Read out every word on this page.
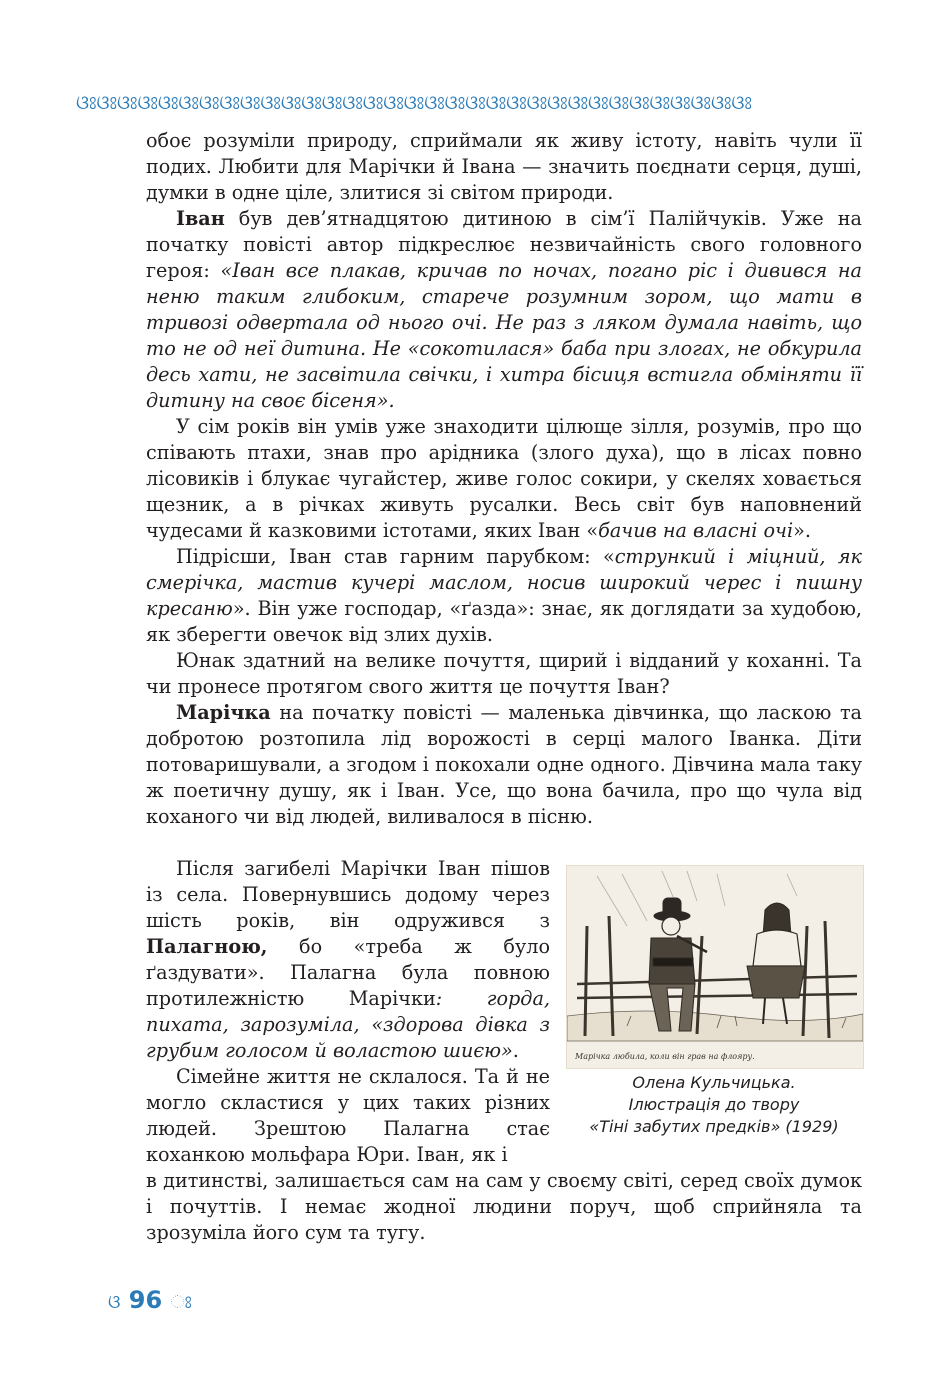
ଓଃଓଃଓଃଓଃଓଃଓଃଓଃଓଃଓଃଓଃଓଃଓଃଓଃଓଃଓଃଓଃଓଃଓଃଓଃଓଃଓଃଓଃଓଃଓଃଓଃଓଃଓଃଓଃଓଃଓଃଓଃଓଃଓଃ

обоє розуміли природу, сприймали як живу істоту, навіть чули її подих. Любити для Марічки й Івана — значить поєднати серця, душі, думки в одне ціле, злитися зі світом природи.

Іван був дев’ятнадцятою дитиною в сім’ї Палійчуків. Уже на початку повісті автор підкреслює незвичайність свого головного героя: «Іван все плакав, кричав по ночах, погано ріс і дивився на неню таким глибоким, старече розумним зором, що мати в тривозі одвертала од нього очі. Не раз з ляком думала навіть, що то не од неї дитина. Не «сокотилася» баба при злогах, не обкурила десь хати, не засвітила свічки, і хитра бісиця встигла обміняти її дитину на своє бісеня».

У сім років він умів уже знаходити цілюще зілля, розумів, про що співають птахи, знав про арідника (злого духа), що в лісах повно лісовиків і блукає чугайстер, живе голос сокири, у скелях ховається щезник, а в річках живуть русалки. Весь світ був наповнений чудесами й казковими істотами, яких Іван «бачив на власні очі».

Підрісши, Іван став гарним парубком: «стрункий і міцний, як смерічка, мастив кучері маслом, носив широкий черес і пишну кресаню». Він уже господар, «ґазда»: знає, як доглядати за худобою, як зберегти овечок від злих духів.

Юнак здатний на велике почуття, щирий і відданий у коханні. Та чи пронесе протягом свого життя це почуття Іван?

Марічка на початку повісті — маленька дівчинка, що лаcкою та добротою розтопила лід ворожості в серці малого Іванка. Діти потоваришували, а згодом і покохали одне одного. Дівчина мала таку ж поетичну душу, як і Іван. Усе, що вона бачила, про що чула від коханого чи від людей, виливалося в пісню.

Після загибелі Марічки Іван пішов із села. Повернувшись додому через шість років, він одружився з Палагною, бо «треба ж було ґаздувати». Палагна була повною протилежністю Марічки: горда, пихата, зарозуміла, «здорова дівка з грубим голосом й воластою шиєю».

Сімейне життя не склалося. Та й не могло скластися у цих таких різних людей. Зрештою Палагна стає коханкою мольфара Юри. Іван, як і

Марічка любила, коли він грав на флояру.
Олена Кульчицька.
Ілюстрація до твору
«Тіні забутих предків» (1929)

в дитинстві, залишається сам на сам у своєму світі, серед своїх думок і почуттів. І немає жодної людини поруч, щоб сприйняла та зрозуміла його сум та тугу.

ଓ 96 ଃ
